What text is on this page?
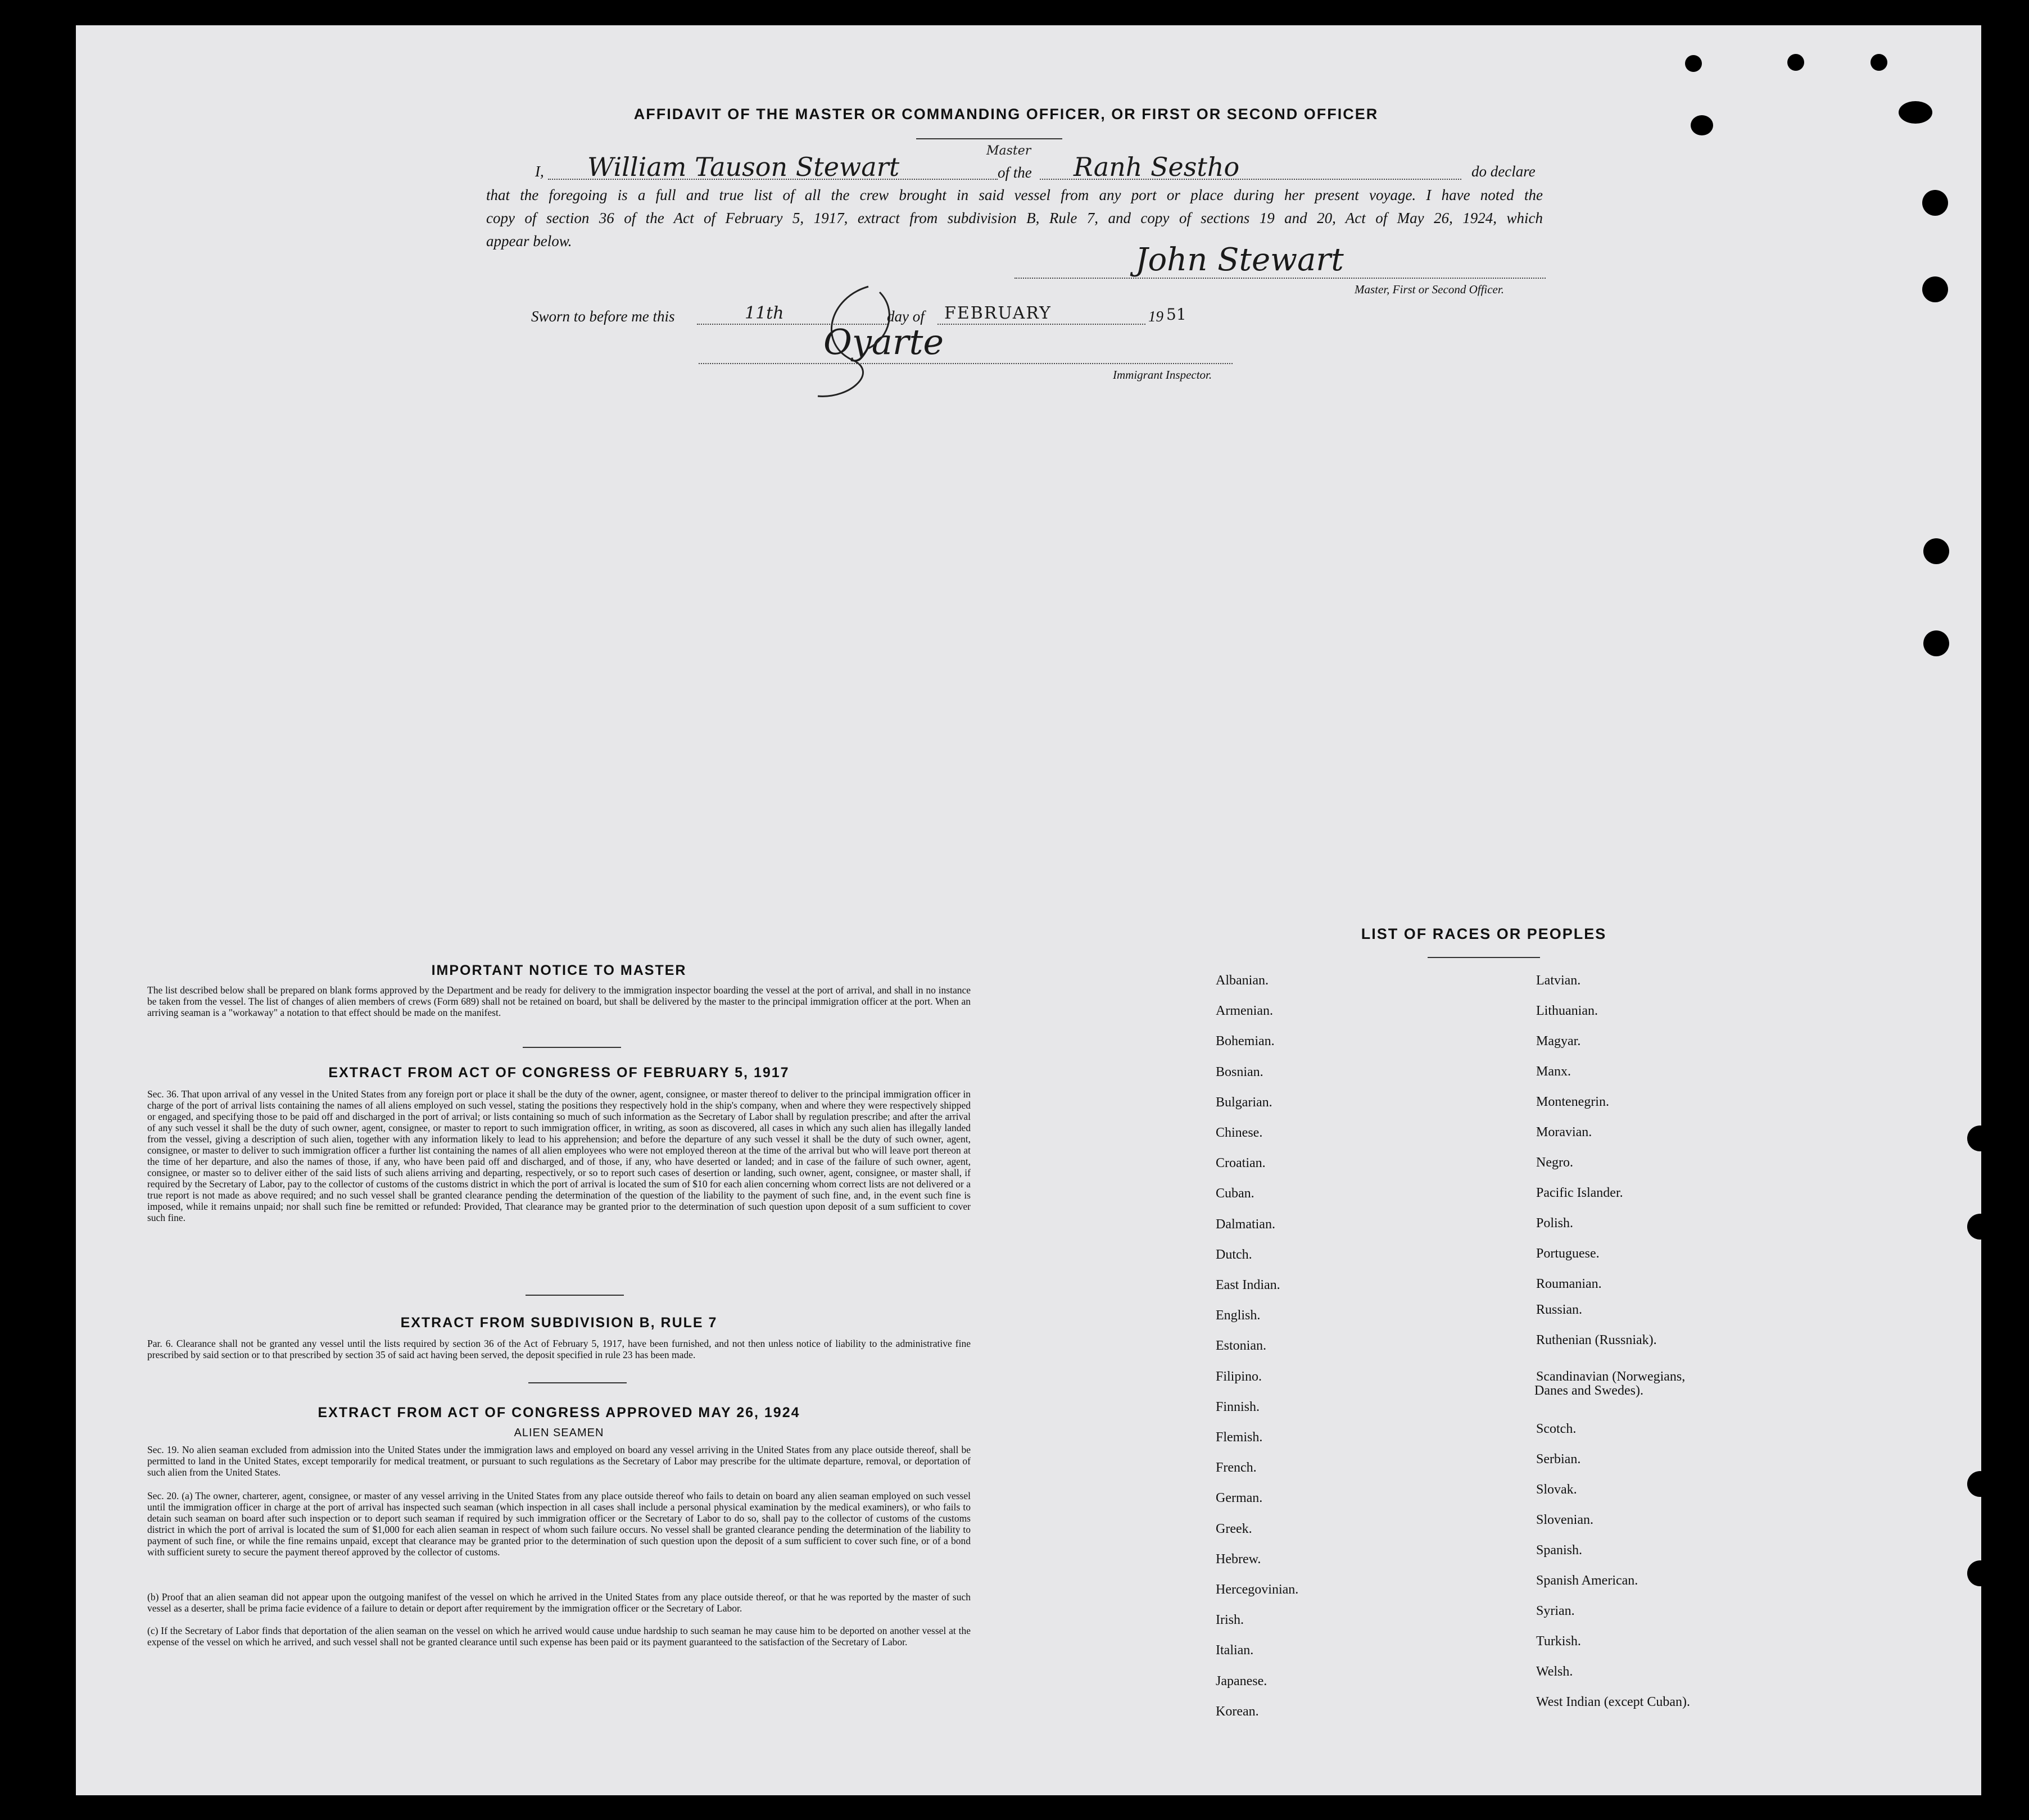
AFFIDAVIT OF THE MASTER OR COMMANDING OFFICER, OR FIRST OR SECOND OFFICER
I, William Tauson Stewart
Master
of the Ranh Sestho	do declare
that the foregoing is a full and true list of all the crew brought in said vessel from any port or place during her present voyage. I have noted the
copy of section 36 of the Act of February 5, 1917, extract from subdivision B, Rule 7, and copy of sections 19 and 20, Act of May 26, 1924, which
appear below.
John Stewart
Master, First or Second Officer.
Sworn to before me this	11th	day of FEBRUARY	19 51
Oyarte
Immigrant Inspector.
IMPORTANT NOTICE TO MASTER
The list described below shall be prepared on blank forms approved by the Department and be ready for delivery to the immigration inspector boarding the vessel at the port of arrival, and shall in no instance be taken from the vessel. The list of changes of alien members of crews (Form 689) shall not be retained on board, but shall be delivered by the master to the principal immigration officer at the port. When an arriving seaman is a "workaway" a notation to that effect should be made on the manifest.
EXTRACT FROM ACT OF CONGRESS OF FEBRUARY 5, 1917
Sec. 36. That upon arrival of any vessel in the United States from any foreign port or place it shall be the duty of the owner, agent, consignee, or master thereof to deliver to the principal immigration officer in charge of the port of arrival lists containing the names of all aliens employed on such vessel, stating the positions they respectively hold in the ship's company, when and where they were respectively shipped or engaged, and specifying those to be paid off and discharged in the port of arrival; or lists containing so much of such information as the Secretary of Labor shall by regulation prescribe; and after the arrival of any such vessel it shall be the duty of such owner, agent, consignee, or master to report to such immigration officer, in writing, as soon as discovered, all cases in which any such alien has illegally landed from the vessel, giving a description of such alien, together with any information likely to lead to his apprehension; and before the departure of any such vessel it shall be the duty of such owner, agent, consignee, or master to deliver to such immigration officer a further list containing the names of all alien employees who were not employed thereon at the time of the arrival but who will leave port thereon at the time of her departure, and also the names of those, if any, who have been paid off and discharged, and of those, if any, who have deserted or landed; and in case of the failure of such owner, agent, consignee, or master so to deliver either of the said lists of such aliens arriving and departing, respectively, or so to report such cases of desertion or landing, such owner, agent, consignee, or master shall, if required by the Secretary of Labor, pay to the collector of customs of the customs district in which the port of arrival is located the sum of $10 for each alien concerning whom correct lists are not delivered or a true report is not made as above required; and no such vessel shall be granted clearance pending the determination of the question of the liability to the payment of such fine, and, in the event such fine is imposed, while it remains unpaid; nor shall such fine be remitted or refunded: Provided, That clearance may be granted prior to the determination of such question upon deposit of a sum sufficient to cover such fine.
EXTRACT FROM SUBDIVISION B, RULE 7
Par. 6. Clearance shall not be granted any vessel until the lists required by section 36 of the Act of February 5, 1917, have been furnished, and not then unless notice of liability to the administrative fine prescribed by said section or to that prescribed by section 35 of said act having been served, the deposit specified in rule 23 has been made.
EXTRACT FROM ACT OF CONGRESS APPROVED MAY 26, 1924
ALIEN SEAMEN
Sec. 19. No alien seaman excluded from admission into the United States under the immigration laws and employed on board any vessel arriving in the United States from any place outside thereof, shall be permitted to land in the United States, except temporarily for medical treatment, or pursuant to such regulations as the Secretary of Labor may prescribe for the ultimate departure, removal, or deportation of such alien from the United States.
Sec. 20. (a) The owner, charterer, agent, consignee, or master of any vessel arriving in the United States from any place outside thereof who fails to detain on board any alien seaman employed on such vessel until the immigration officer in charge at the port of arrival has inspected such seaman (which inspection in all cases shall include a personal physical examination by the medical examiners), or who fails to detain such seaman on board after such inspection or to deport such seaman if required by such immigration officer or the Secretary of Labor to do so, shall pay to the collector of customs of the customs district in which the port of arrival is located the sum of $1,000 for each alien seaman in respect of whom such failure occurs. No vessel shall be granted clearance pending the determination of the liability to payment of such fine, or while the fine remains unpaid, except that clearance may be granted prior to the determination of such question upon the deposit of a sum sufficient to cover such fine, or of a bond with sufficient surety to secure the payment thereof approved by the collector of customs.
(b) Proof that an alien seaman did not appear upon the outgoing manifest of the vessel on which he arrived in the United States from any place outside thereof, or that he was reported by the master of such vessel as a deserter, shall be prima facie evidence of a failure to detain or deport after requirement by the immigration officer or the Secretary of Labor.
(c) If the Secretary of Labor finds that deportation of the alien seaman on the vessel on which he arrived would cause undue hardship to such seaman he may cause him to be deported on another vessel at the expense of the vessel on which he arrived, and such vessel shall not be granted clearance until such expense has been paid or its payment guaranteed to the satisfaction of the Secretary of Labor.
LIST OF RACES OR PEOPLES
Albanian.
Armenian.
Bohemian.
Bosnian.
Bulgarian.
Chinese.
Croatian.
Cuban.
Dalmatian.
Dutch.
East Indian.
English.
Estonian.
Filipino.
Finnish.
Flemish.
French.
German.
Greek.
Hebrew.
Hercegovinian.
Irish.
Italian.
Japanese.
Korean.
Latvian.
Lithuanian.
Magyar.
Manx.
Montenegrin.
Moravian.
Negro.
Pacific Islander.
Polish.
Portuguese.
Roumanian.
Russian.
Ruthenian (Russniak).
Scandinavian (Norwegians,
Danes and Swedes).
Scotch.
Serbian.
Slovak.
Slovenian.
Spanish.
Spanish American.
Syrian.
Turkish.
Welsh.
West Indian (except Cuban).
